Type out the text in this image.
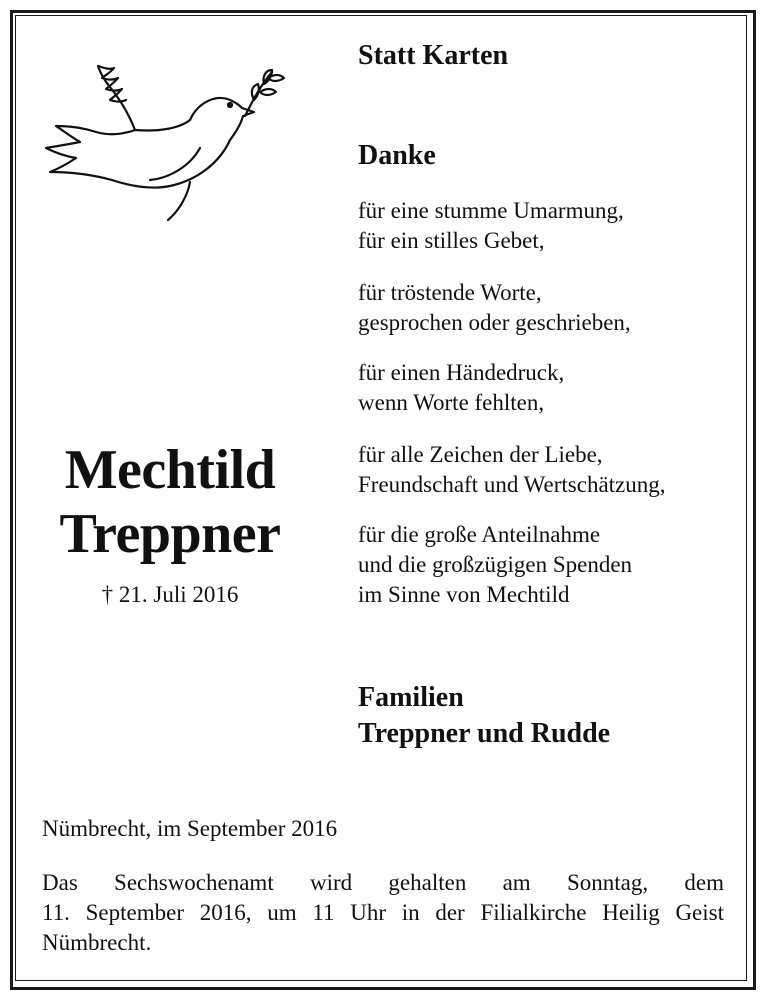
Statt Karten
Danke

für eine stumme Umarmung,
für ein stilles Gebet,

für tröstende Worte,
gesprochen oder geschrieben,

für einen Händedruck,
wenn Worte fehlten,

für alle Zeichen der Liebe,
Freundschaft und Wertschätzung,

für die große Anteilnahme
und die großzügigen Spenden
im Sinne von Mechtild

Mechtild
Treppner
† 21. Juli 2016

Familien

Treppner und Rudde

Nümbrecht, im September 2016

Das Sechswochenamt wird gehalten am Sonntag, dem
11. September 2016, um 11 Uhr in der Filialkirche Heilig Geist
Nümbrecht.
